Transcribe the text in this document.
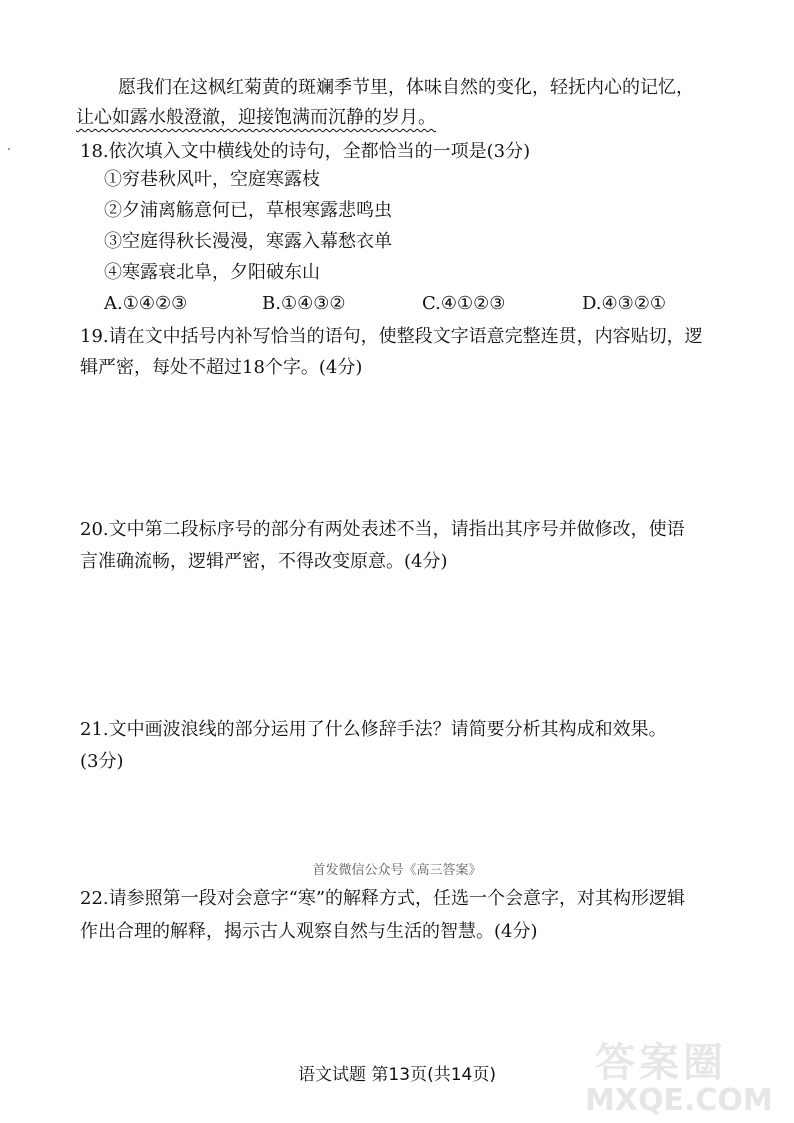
愿我们在这枫红菊黄的斑斓季节里，体味自然的变化，轻抚内心的记忆，
让心如露水般澄澈，迎接饱满而沉静的岁月。
18.依次填入文中横线处的诗句，全都恰当的一项是(3分)
①穷巷秋风叶，空庭寒露枝
②夕浦离觞意何已，草根寒露悲鸣虫
③空庭得秋长漫漫，寒露入幕愁衣单
④寒露衰北阜，夕阳破东山
A.①④②③	B.①④③②	C.④①②③	D.④③②①
19.请在文中括号内补写恰当的语句，使整段文字语意完整连贯，内容贴切，逻
辑严密，每处不超过18个字。(4分)
20.文中第二段标序号的部分有两处表述不当，请指出其序号并做修改，使语
言准确流畅，逻辑严密，不得改变原意。(4分)
21.文中画波浪线的部分运用了什么修辞手法？请简要分析其构成和效果。
(3分)
首发微信公众号《高三答案》
22.请参照第一段对会意字“寒”的解释方式，任选一个会意字，对其构形逻辑
作出合理的解释，揭示古人观察自然与生活的智慧。(4分)
语文试题 第13页(共14页)	答案圈
MXQE.COM
